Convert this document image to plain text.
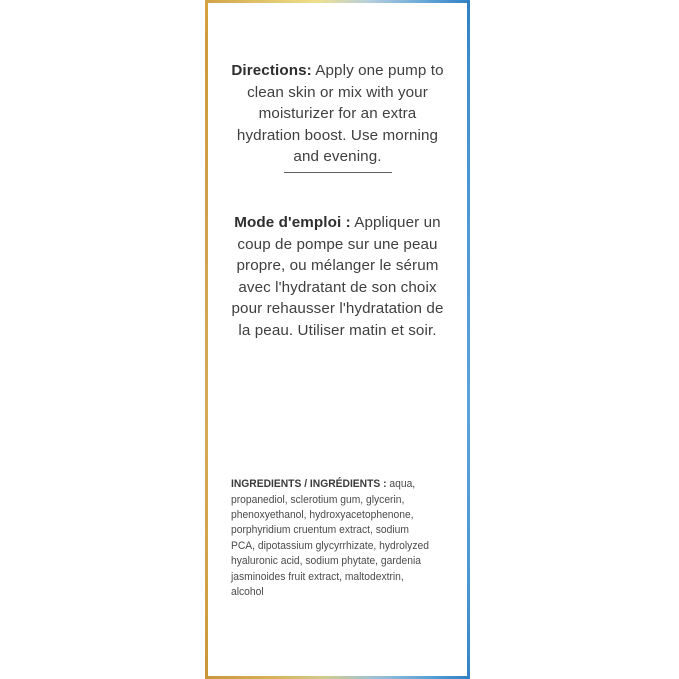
Directions: Apply one pump to clean skin or mix with your moisturizer for an extra hydration boost. Use morning and evening.

Mode d'emploi : Appliquer un coup de pompe sur une peau propre, ou mélanger le sérum avec l'hydratant de son choix pour rehausser l'hydratation de la peau. Utiliser matin et soir.

INGREDIENTS / INGRÉDIENTS : aqua, propanediol, sclerotium gum, glycerin, phenoxyethanol, hydroxyacetophenone, porphyridium cruentum extract, sodium PCA, dipotassium glycyrrhizate, hydrolyzed hyaluronic acid, sodium phytate, gardenia jasminoides fruit extract, maltodextrin, alcohol
